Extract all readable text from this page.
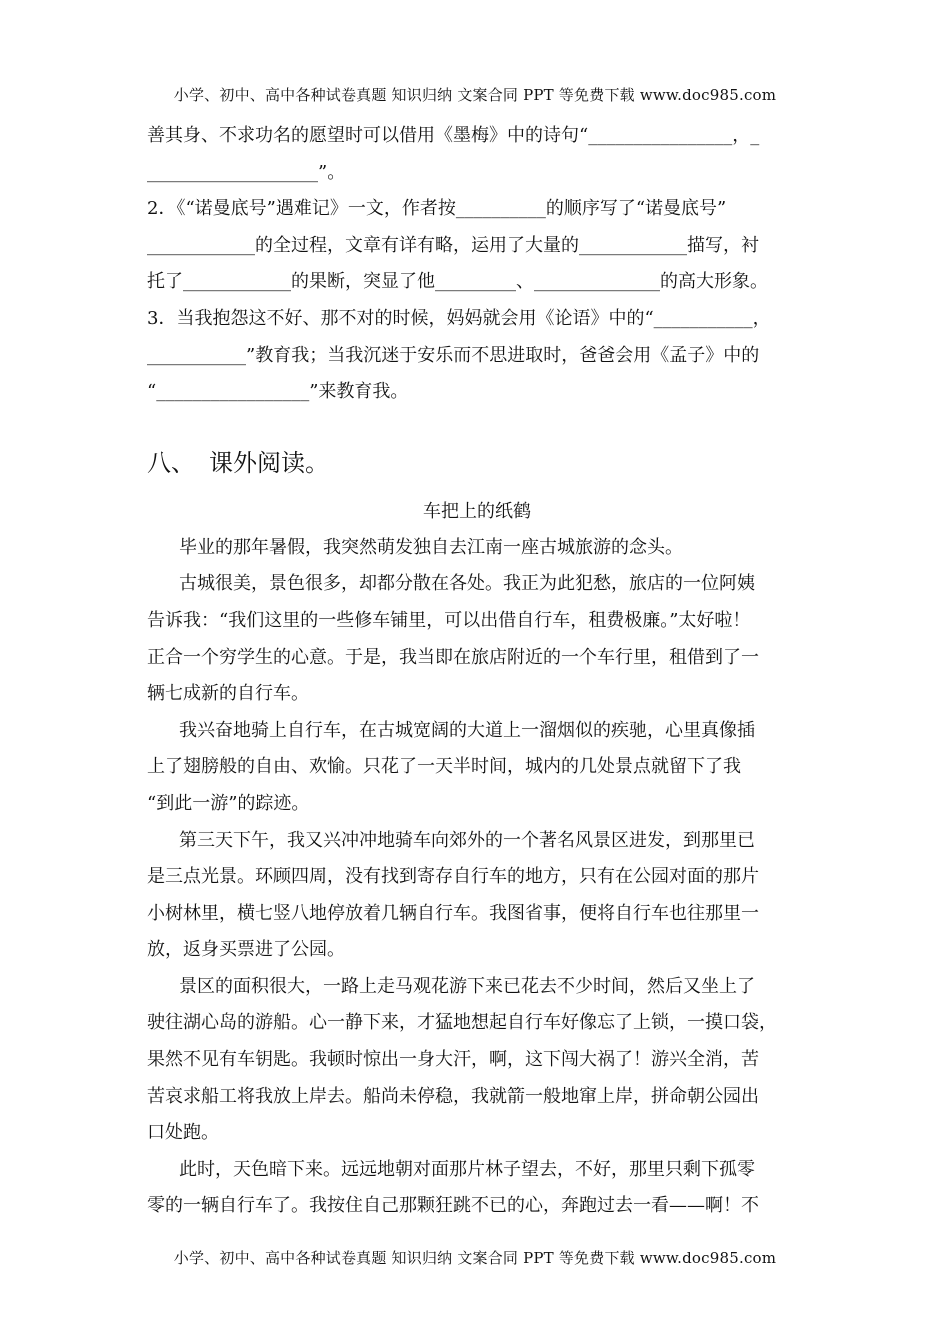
小学、初中、高中各种试卷真题 知识归纳 文案合同 PPT 等免费下载 www.doc985.com
善其身、不求功名的愿望时可以借用《墨梅》中的诗句“________________，_
___________________”。
2．《“诺曼底号”遇难记》一文，作者按__________的顺序写了“诺曼底号”
____________的全过程，文章有详有略，运用了大量的____________描写，衬
托了____________的果断，突显了他_________、______________的高大形象。
3．当我抱怨这不好、那不对的时候，妈妈就会用《论语》中的“___________，
___________”教育我；当我沉迷于安乐而不思进取时，爸爸会用《孟子》中的
“_________________”来教育我。
八、 课外阅读。
车把上的纸鹤
毕业的那年暑假，我突然萌发独自去江南一座古城旅游的念头。
古城很美，景色很多，却都分散在各处。我正为此犯愁，旅店的一位阿姨
告诉我：“我们这里的一些修车铺里，可以出借自行车，租费极廉。”太好啦！
正合一个穷学生的心意。于是，我当即在旅店附近的一个车行里，租借到了一
辆七成新的自行车。
我兴奋地骑上自行车，在古城宽阔的大道上一溜烟似的疾驰，心里真像插
上了翅膀般的自由、欢愉。只花了一天半时间，城内的几处景点就留下了我
“到此一游”的踪迹。
第三天下午，我又兴冲冲地骑车向郊外的一个著名风景区进发，到那里已
是三点光景。环顾四周，没有找到寄存自行车的地方，只有在公园对面的那片
小树林里，横七竖八地停放着几辆自行车。我图省事，便将自行车也往那里一
放，返身买票进了公园。
景区的面积很大，一路上走马观花游下来已花去不少时间，然后又坐上了
驶往湖心岛的游船。心一静下来，才猛地想起自行车好像忘了上锁，一摸口袋，
果然不见有车钥匙。我顿时惊出一身大汗，啊，这下闯大祸了！游兴全消，苦
苦哀求船工将我放上岸去。船尚未停稳，我就箭一般地窜上岸，拼命朝公园出
口处跑。
此时，天色暗下来。远远地朝对面那片林子望去，不好，那里只剩下孤零
零的一辆自行车了。我按住自己那颗狂跳不已的心，奔跑过去一看——啊！不
小学、初中、高中各种试卷真题 知识归纳 文案合同 PPT 等免费下载 www.doc985.com
